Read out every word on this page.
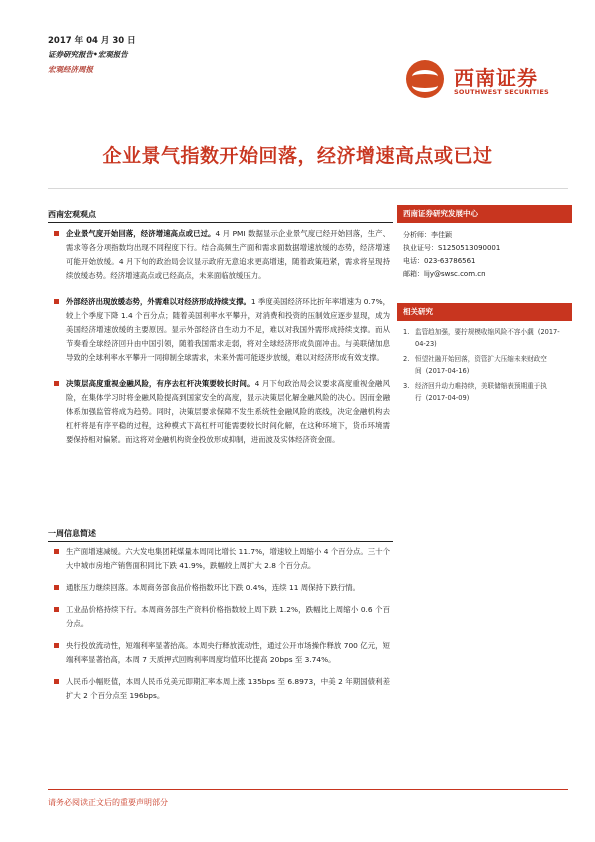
2017 年 04 月 30 日
证券研究报告•宏观报告
宏观经济周报	西南证券
SOUTHWEST SECURITIES
企业景气指数开始回落，经济增速高点或已过
西南宏观观点
企业景气度开始回落，经济增速高点或已过。4 月 PMI 数据显示企业景气度已经开始回落，生产、需求等各分项指数均出现不同程度下行。结合高频生产面和需求面数据增速放缓的态势，经济增速可能开始放缓。4 月下旬的政治局会议显示政府无意追求更高增速，随着政策趋紧，需求将呈现持续放缓态势。经济增速高点或已经高点，未来面临放缓压力。
外部经济出现放缓态势，外需难以对经济形成持续支撑。1 季度美国经济环比折年率增速为 0.7%，较上个季度下降 1.4 个百分点；随着美国利率水平攀升，对消费和投资的压制效应逐步显现，成为美国经济增速放缓的主要原因。显示外部经济自生动力不足，难以对我国外需形成持续支撑。而从节奏看全球经济回升由中国引领，随着我国需求走弱，将对全球经济形成负面冲击。与美联储加息导致的全球利率水平攀升一同抑制全球需求，未来外需可能逐步放缓，难以对经济形成有效支撑。
决策层高度重视金融风险，有序去杠杆决策要较长时间。4 月下旬政治局会议要求高度重视金融风险，在集体学习时将金融风险提高到国家安全的高度，显示决策层化解金融风险的决心。因而金融体系加强监管将成为趋势。同时，决策层要求保障不发生系统性金融风险的底线，决定金融机构去杠杆将是有序平稳的过程，这种模式下高杠杆可能需要较长时间化解，在这种环境下，货币环境需要保持相对偏紧。而这将对金融机构资金投放形成抑制，进而波及实体经济资金面。
一周信息简述
生产面增速减缓。六大发电集团耗煤量本周同比增长 11.7%，增速较上周缩小 4 个百分点。三十个大中城市房地产销售面积同比下跌 41.9%，跌幅较上周扩大 2.8 个百分点。
通胀压力继续回落。本周商务部食品价格指数环比下跌 0.4%，连续 11 周保持下跌行情。
工业品价格持续下行。本周商务部生产资料价格指数较上周下跌 1.2%，跌幅比上周缩小 0.6 个百分点。
央行投放流动性，短端利率显著抬高。本周央行释放流动性，通过公开市场操作释放 700 亿元，短端利率显著抬高，本周 7 天质押式回购利率周度均值环比提高 20bps 至 3.74%。
人民币小幅贬值，本周人民币兑美元即期汇率本周上涨 135bps 至 6.8973，中美 2 年期国债利差扩大 2 个百分点至 196bps。
西南证券研究发展中心
分析师：李佳颖
执业证号：S1250513090001
电话：023-63786561
邮箱：lijy@swsc.com.cn
相关研究
1. 监管趋加强，要拧规模收缩风险不容小觑 (2017-04-23)
2. 恒望社融开始回落，资管扩大压缩未来财政空间 (2017-04-16)
3. 经济回升动力难持续，美联储缩表预期重于执行 (2017-04-09)
请务必阅读正文后的重要声明部分
